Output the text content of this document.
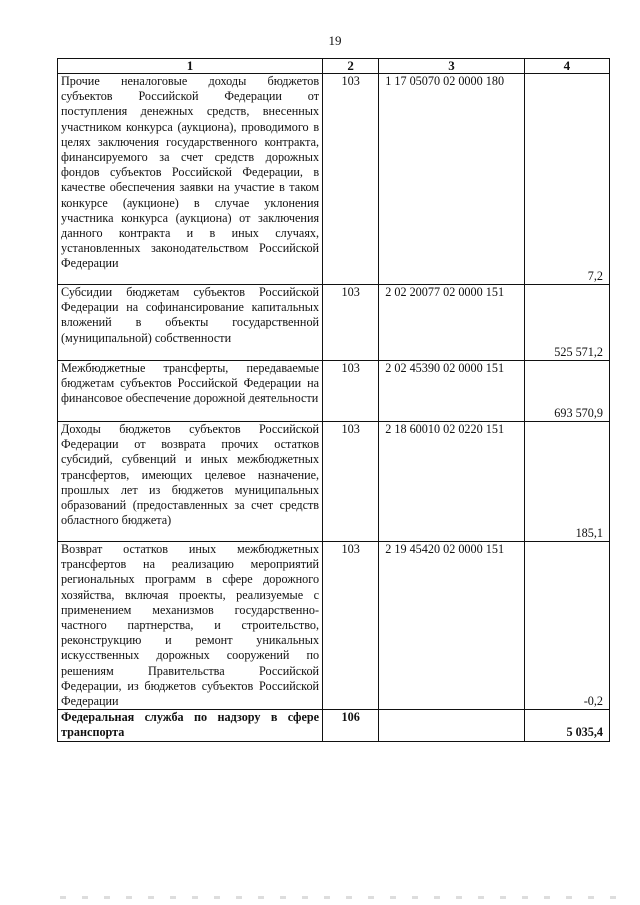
19
1	2	3	4
Прочие неналоговые доходы бюджетов субъектов Российской Федерации от поступления денежных средств, внесенных участником конкурса (аукциона), проводимого в целях заключения государственного контракта, финансируемого за счет средств дорожных фондов субъектов Российской Федерации, в качестве обеспечения заявки на участие в таком конкурсе (аукционе) в случае уклонения участника конкурса (аукциона) от заключения данного контракта и в иных случаях, установленных законодательством Российской Федерации	103	1 17 05070 02 0000 180	7,2
Субсидии бюджетам субъектов Российской Федерации на софинансирование капитальных вложений в объекты государственной (муниципальной) собственности	103	2 02 20077 02 0000 151	525 571,2
Межбюджетные трансферты, передаваемые бюджетам субъектов Российской Федерации на финансовое обеспечение дорожной деятельности	103	2 02 45390 02 0000 151	693 570,9
Доходы бюджетов субъектов Российской Федерации от возврата прочих остатков субсидий, субвенций и иных межбюджетных трансфертов, имеющих целевое назначение, прошлых лет из бюджетов муниципальных образований (предоставленных за счет средств областного бюджета)	103	2 18 60010 02 0220 151	185,1
Возврат остатков иных межбюджетных трансфертов на реализацию мероприятий региональных программ в сфере дорожного хозяйства, включая проекты, реализуемые с применением механизмов государственно-частного партнерства, и строительство, реконструкцию и ремонт уникальных искусственных дорожных сооружений по решениям Правительства Российской Федерации, из бюджетов субъектов Российской Федерации	103	2 19 45420 02 0000 151	-0,2
Федеральная служба по надзору в сфере транспорта	106		5 035,4
